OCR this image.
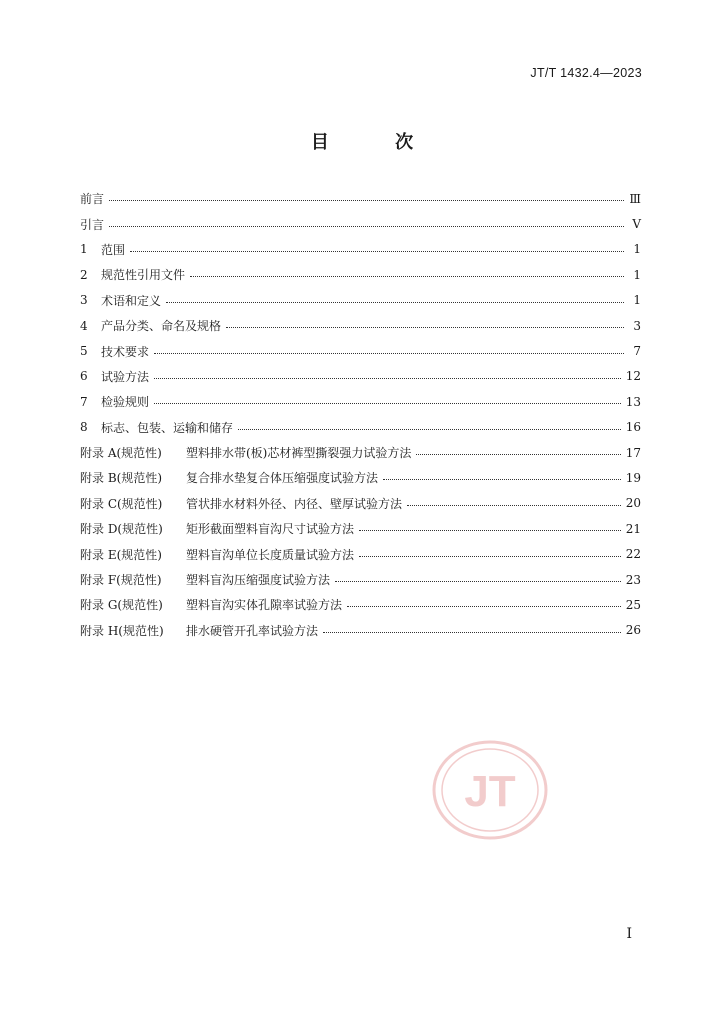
JT/T 1432.4—2023
目 次
前言	Ⅲ
引言	Ⅴ
1	范围	1
2	规范性引用文件	1
3	术语和定义	1
4	产品分类、命名及规格	3
5	技术要求	7
6	试验方法	12
7	检验规则	13
8	标志、包装、运输和储存	16
附录 A(规范性)	塑料排水带(板)芯材裤型撕裂强力试验方法	17
附录 B(规范性)	复合排水垫复合体压缩强度试验方法	19
附录 C(规范性)	管状排水材料外径、内径、壁厚试验方法	20
附录 D(规范性)	矩形截面塑料盲沟尺寸试验方法	21
附录 E(规范性)	塑料盲沟单位长度质量试验方法	22
附录 F(规范性)	塑料盲沟压缩强度试验方法	23
附录 G(规范性)	塑料盲沟实体孔隙率试验方法	25
附录 H(规范性)	排水硬管开孔率试验方法	26
JT
I
